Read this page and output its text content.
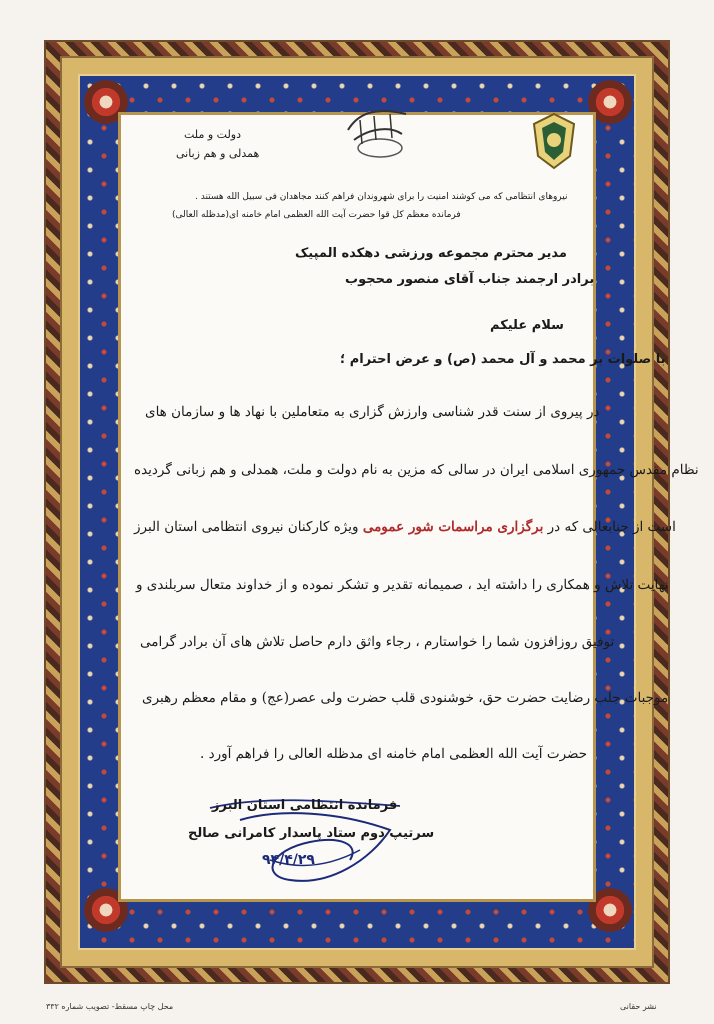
دولت و ملت
همدلی و هم زبانی
نیروهای انتظامی که می کوشند امنیت را برای شهروندان فراهم کنند مجاهدان فی سبیل الله هستند .
فرمانده معظم کل قوا حضرت آیت الله العظمی امام خامنه ای(مدظله العالی)
مدیر محترم مجموعه ورزشی دهکده المپیک
برادر ارجمند جناب آقای منصور محجوب
سلام علیکم
با صلوات بر محمد و آل محمد (ص) و عرض احترام ؛
در پیروی از سنت قدر شناسی وارزش گزاری به متعاملین با نهاد ها و سازمان های
نظام مقدس جمهوری اسلامی ایران در سالی که مزین به نام دولت و ملت، همدلی و هم زبانی گردیده
است از جنابعالی که در برگزاری مراسمات شور عمومی ویژه کارکنان نیروی انتظامی استان البرز
نهایت تلاش و همکاری را داشته اید ، صمیمانه تقدیر و تشکر نموده و از خداوند متعال سربلندی و
توفیق روزافزون شما را خواستارم ، رجاء واثق دارم حاصل تلاش های آن برادر گرامی
موجبات جلب رضایت حضرت حق، خوشنودی قلب حضرت ولی عصر(عج) و مقام معظم رهبری
حضرت آیت الله العظمی امام خامنه ای مدظله العالی را فراهم آورد .
فرمانده انتظامی استان البرز
سرتیپ دوم ستاد پاسدار کامرانی صالح
۹۴/۴/۲۹
محل چاپ مسقط- تصویب شماره ۳۳۲	نشر حقانی
